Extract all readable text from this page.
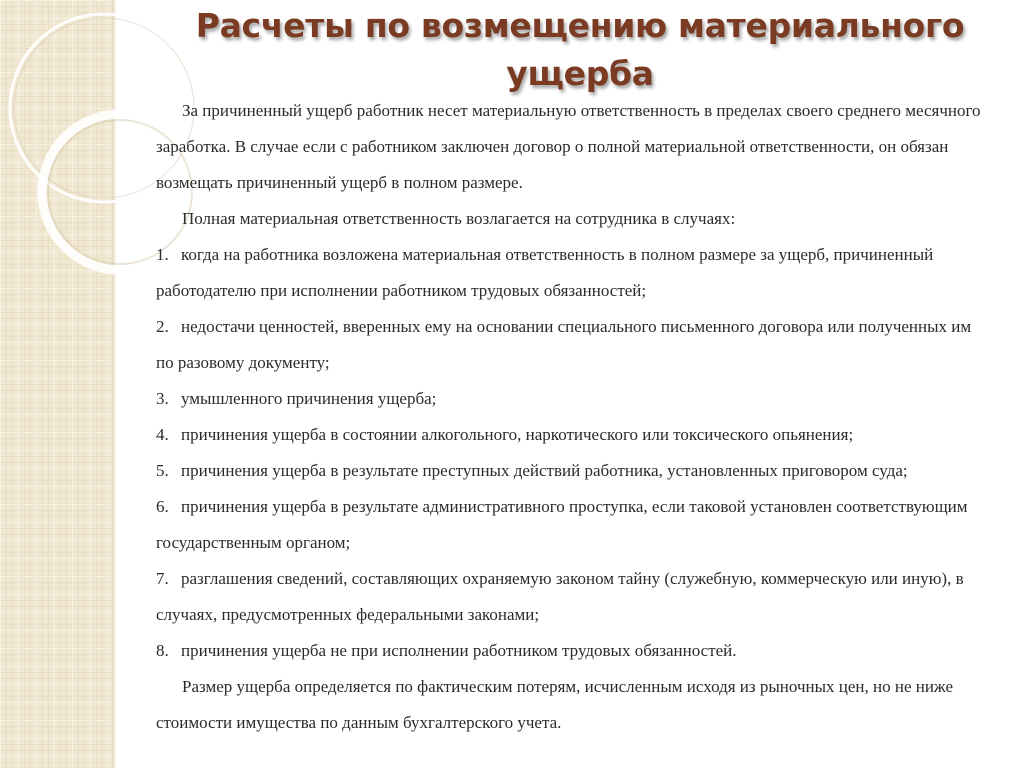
Расчеты по возмещению материального ущерба

За причиненный ущерб работник несет материальную ответственность в пределах своего среднего месячного заработка. В случае если с работником заключен договор о полной материальной ответственности, он обязан возмещать причиненный ущерб в полном размере.

Полная материальная ответственность возлагается на сотрудника в случаях:

1. когда на работника возложена материальная ответственность в полном размере за ущерб, причиненный работодателю при исполнении работником трудовых обязанностей;

2. недостачи ценностей, вверенных ему на основании специального письменного договора или полученных им по разовому документу;

3. умышленного причинения ущерба;

4. причинения ущерба в состоянии алкогольного, наркотического или токсического опьянения;

5. причинения ущерба в результате преступных действий работника, установленных приговором суда;

6. причинения ущерба в результате административного проступка, если таковой установлен соответствующим государственным органом;

7. разглашения сведений, составляющих охраняемую законом тайну (служебную, коммерческую или иную), в случаях, предусмотренных федеральными законами;

8. причинения ущерба не при исполнении работником трудовых обязанностей.

Размер ущерба определяется по фактическим потерям, исчисленным исходя из рыночных цен, но не ниже стоимости имущества по данным бухгалтерского учета.
